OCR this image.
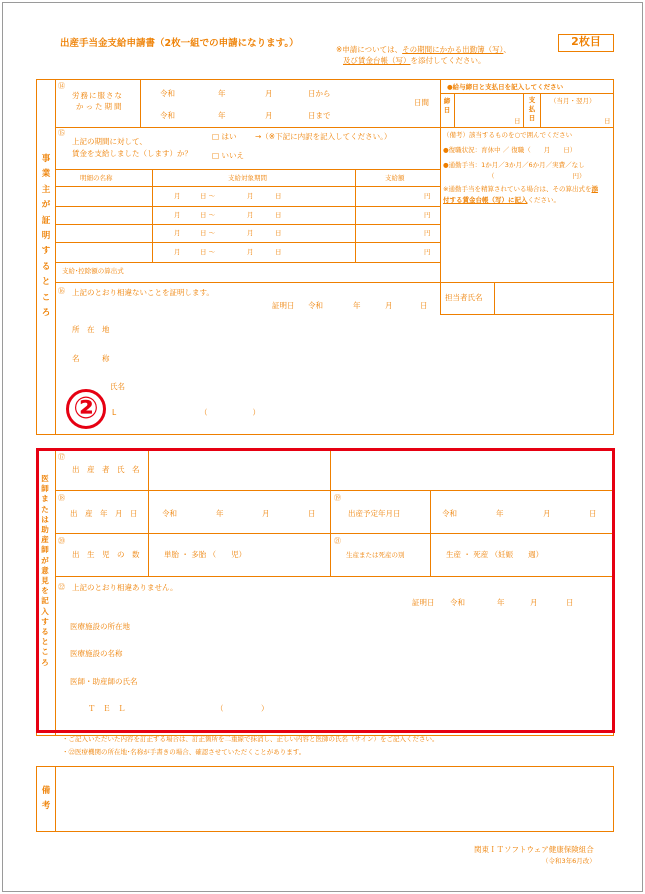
出産手当金支給申請書（2枚一組での申請になります。）
※申請については、その期間にかかる出勤簿（写）、
及び賃金台帳（写）を添付してください。
2枚目
事業主が証明するところ
⑭
労務に服さな
かった期間
令和	年	月	日から
令和	年	月	日まで
日間
●給与締日と支払日を記入してください
締日
日
支払日
（当月・翌月）
日
⑮
上記の期間に対して、
賃金を支給しました（します）か？
□ はい →（※下記に内訳を記入してください。）
□ いいえ
（備考）該当するものを○で囲んでください
●復職状況：育休中 ／ 復職（　　月　　日）
●通勤手当：1か月／3か月／6か月／実費／なし
（　　　　　　　　　　　　円）
※通勤手当を精算されている場合は、その算出式を添
付する賃金台帳（写）に記入ください。
明細の名称	支給対象期間	支給額
月	日 ～	月	日	円
月	日 ～	月	日	円
月	日 ～	月	日	円
月	日 ～	月	日	円
支給･控除額の算出式
⑯ 上記のとおり相違ないことを証明します。
担当者氏名
証明日 令和	年	月	日
所　在　地
名　　　称
氏名
L	（　　　　　　）
②
医師または助産師が意見を記入するところ
⑰
出　産　者　氏　名
⑱
出　産　年　月　日	令和	年	月	日
⑲
出産予定年月日	令和	年	月	日
⑳
出　生　児　の　数	単胎 ・ 多胎 （　　児）
㉑
生産または死産の別	生産 ・ 死産 （妊娠　　週）
㉒ 上記のとおり相違ありません。
証明日 令和	年	月	日
医療施設の所在地
医療施設の名称
医師・助産師の氏名
Ｔ　Ｅ　Ｌ	（　　　　　）
・ご記入いただいた内容を訂正する場合は、訂正箇所を二重線で抹消し、正しい内容と医師の氏名（サイン）をご記入ください。
・㉒医療機関の所在地･名称が手書きの場合、確認させていただくことがあります。
備考
関東ＩＴソフトウェア健康保険組合
（令和3年6月改）
